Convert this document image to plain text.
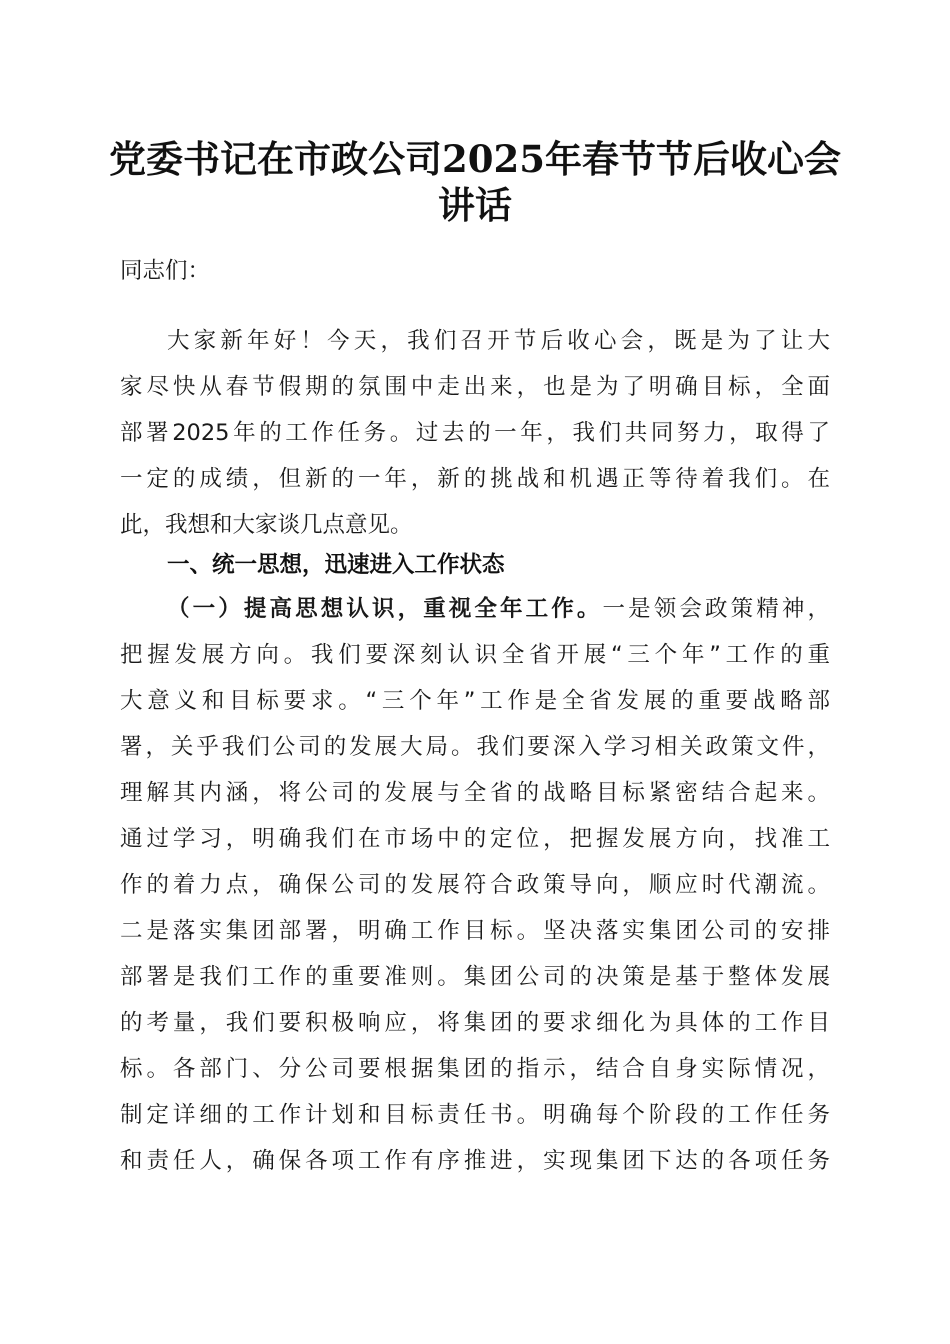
党委书记在市政公司2025年春节节后收心会
讲话
同志们：
大家新年好！今天，我们召开节后收心会，既是为了让大
家尽快从春节假期的氛围中走出来，也是为了明确目标，全面
部署2025年的工作任务。过去的一年，我们共同努力，取得了
一定的成绩，但新的一年，新的挑战和机遇正等待着我们。在
此，我想和大家谈几点意见。
一、统一思想，迅速进入工作状态
（一）提高思想认识，重视全年工作。一是领会政策精神，
把握发展方向。我们要深刻认识全省开展“三个年”工作的重
大意义和目标要求。“三个年”工作是全省发展的重要战略部
署，关乎我们公司的发展大局。我们要深入学习相关政策文件，
理解其内涵，将公司的发展与全省的战略目标紧密结合起来。
通过学习，明确我们在市场中的定位，把握发展方向，找准工
作的着力点，确保公司的发展符合政策导向，顺应时代潮流。
二是落实集团部署，明确工作目标。坚决落实集团公司的安排
部署是我们工作的重要准则。集团公司的决策是基于整体发展
的考量，我们要积极响应，将集团的要求细化为具体的工作目
标。各部门、分公司要根据集团的指示，结合自身实际情况，
制定详细的工作计划和目标责任书。明确每个阶段的工作任务
和责任人，确保各项工作有序推进，实现集团下达的各项任务
